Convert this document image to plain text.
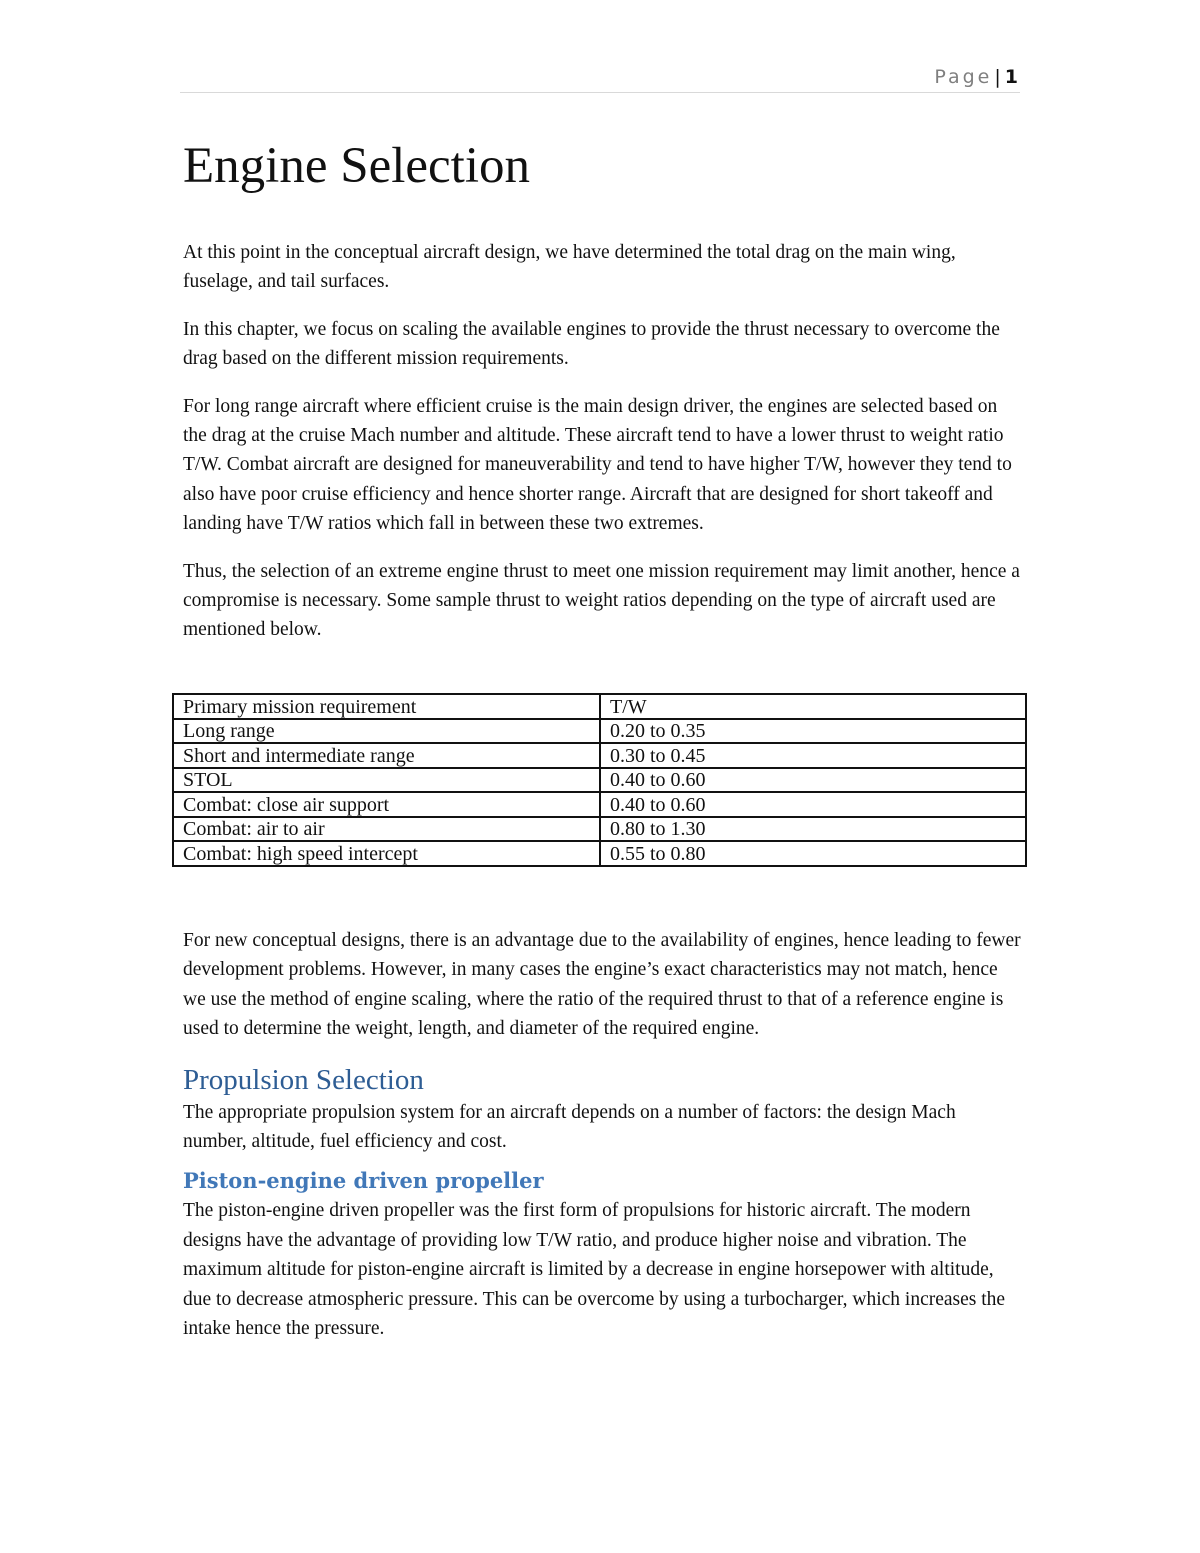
Page | 1
Engine Selection

At this point in the conceptual aircraft design, we have determined the total drag on the main wing, fuselage, and tail surfaces.

In this chapter, we focus on scaling the available engines to provide the thrust necessary to overcome the drag based on the different mission requirements.

For long range aircraft where efficient cruise is the main design driver, the engines are selected based on the drag at the cruise Mach number and altitude. These aircraft tend to have a lower thrust to weight ratio T/W. Combat aircraft are designed for maneuverability and tend to have higher T/W, however they tend to also have poor cruise efficiency and hence shorter range. Aircraft that are designed for short takeoff and landing have T/W ratios which fall in between these two extremes.

Thus, the selection of an extreme engine thrust to meet one mission requirement may limit another, hence a compromise is necessary. Some sample thrust to weight ratios depending on the type of aircraft used are mentioned below.

Primary mission requirement	T/W
Long range	0.20 to 0.35
Short and intermediate range	0.30 to 0.45
STOL	0.40 to 0.60
Combat: close air support	0.40 to 0.60
Combat: air to air	0.80 to 1.30
Combat: high speed intercept	0.55 to 0.80

For new conceptual designs, there is an advantage due to the availability of engines, hence leading to fewer development problems. However, in many cases the engine’s exact characteristics may not match, hence we use the method of engine scaling, where the ratio of the required thrust to that of a reference engine is used to determine the weight, length, and diameter of the required engine.

Propulsion Selection

The appropriate propulsion system for an aircraft depends on a number of factors: the design Mach number, altitude, fuel efficiency and cost.

Piston-engine driven propeller

The piston-engine driven propeller was the first form of propulsions for historic aircraft. The modern designs have the advantage of providing low T/W ratio, and produce higher noise and vibration. The maximum altitude for piston-engine aircraft is limited by a decrease in engine horsepower with altitude, due to decrease atmospheric pressure. This can be overcome by using a turbocharger, which increases the intake hence the pressure.
